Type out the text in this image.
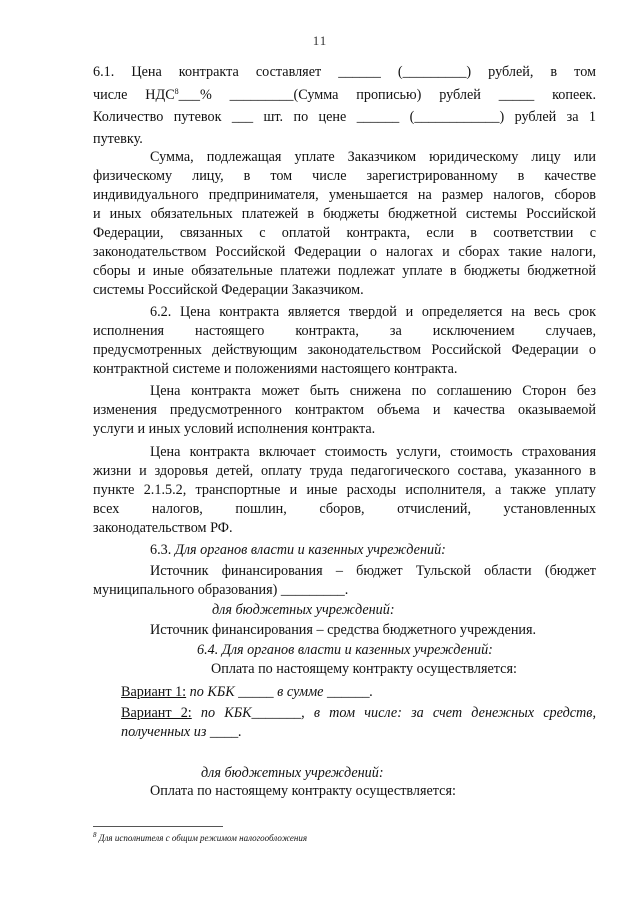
11
6.1. Цена контракта составляет ______ (_________) рублей, в том
числе НДС$^8$___% _________(Сумма прописью) рублей _____ копеек.
Количество путевок ___ шт. по цене ______ (____________) рублей за 1
путевку.
Сумма, подлежащая уплате Заказчиком юридическому лицу или
физическому лицу, в том числе зарегистрированному в качестве
индивидуального предпринимателя, уменьшается на размер налогов, сборов
и иных обязательных платежей в бюджеты бюджетной системы Российской
Федерации, связанных с оплатой контракта, если в соответствии с
законодательством Российской Федерации о налогах и сборах такие налоги,
сборы и иные обязательные платежи подлежат уплате в бюджеты бюджетной
системы Российской Федерации Заказчиком.
6.2. Цена контракта является твердой и определяется на весь срок
исполнения настоящего контракта, за исключением случаев,
предусмотренных действующим законодательством Российской Федерации о
контрактной системе и положениями настоящего контракта.
Цена контракта может быть снижена по соглашению Сторон без
изменения предусмотренного контрактом объема и качества оказываемой
услуги и иных условий исполнения контракта.
Цена контракта включает стоимость услуги, стоимость страхования
жизни и здоровья детей, оплату труда педагогического состава, указанного в
пункте 2.1.5.2, транспортные и иные расходы исполнителя, а также уплату
всех налогов, пошлин, сборов, отчислений, установленных
законодательством РФ.
6.3. Для органов власти и казенных учреждений:
Источник финансирования – бюджет Тульской области (бюджет
муниципального образования) _________.
для бюджетных учреждений:
Источник финансирования – средства бюджетного учреждения.
6.4. Для органов власти и казенных учреждений:
Оплата по настоящему контракту осуществляется:
Вариант 1: по КБК _____ в сумме ______.
Вариант 2: по КБК_______, в том числе: за счет денежных средств,
полученных из ____.
для бюджетных учреждений:
Оплата по настоящему контракту осуществляется:
$^8$ Для исполнителя с общим режимом налогообложения
